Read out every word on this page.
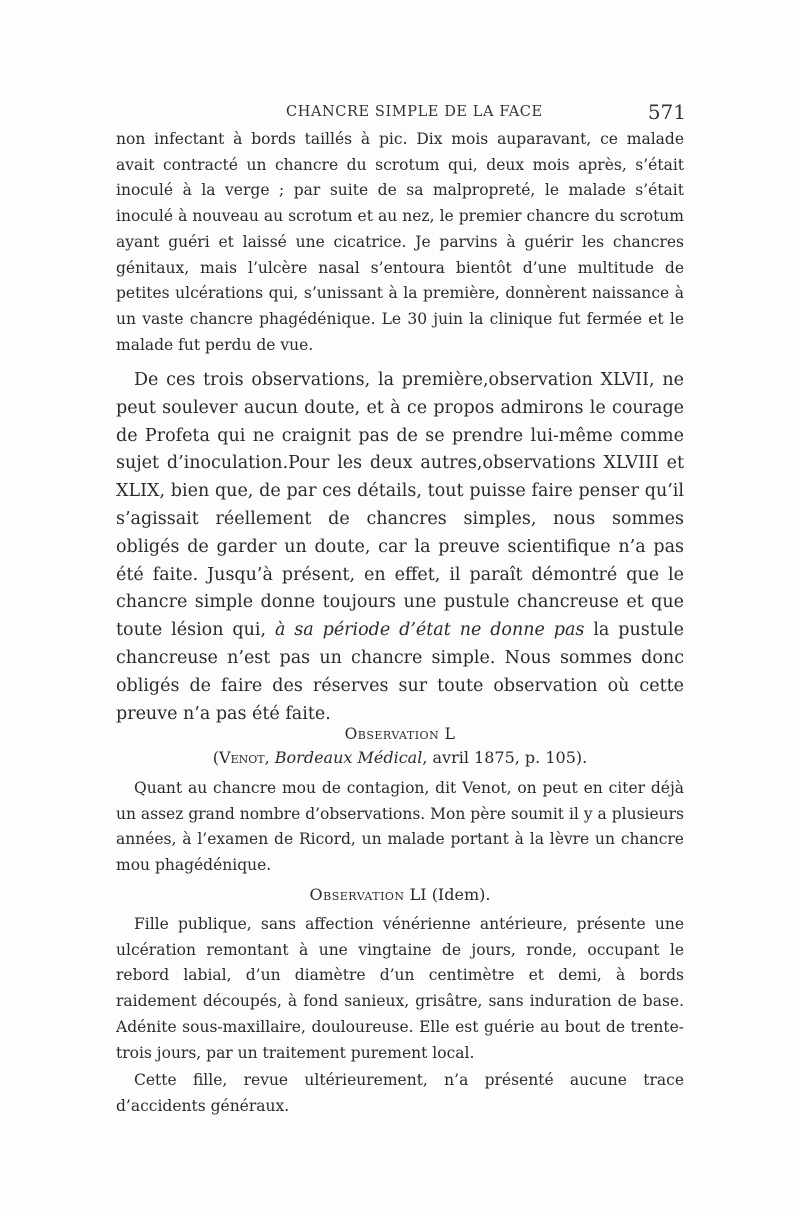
CHANCRE SIMPLE DE LA FACE	571

non infectant à bords taillés à pic. Dix mois auparavant, ce malade avait contracté un chancre du scrotum qui, deux mois après, s’était inoculé à la verge ; par suite de sa malpropreté, le malade s’était inoculé à nouveau au scrotum et au nez, le premier chancre du scrotum ayant guéri et laissé une cicatrice. Je parvins à guérir les chancres génitaux, mais l’ulcère nasal s’entoura bientôt d’une multitude de petites ulcérations qui, s’unissant à la première, donnèrent naissance à un vaste chancre phagédénique. Le 30 juin la clinique fut fermée et le malade fut perdu de vue.

De ces trois observations, la première,observation XLVII, ne peut soulever aucun doute, et à ce propos admirons le courage de Profeta qui ne craignit pas de se prendre lui-même comme sujet d’inoculation.Pour les deux autres,observations XLVIII et XLIX, bien que, de par ces détails, tout puisse faire penser qu’il s’agissait réellement de chancres simples, nous sommes obligés de garder un doute, car la preuve scientifique n’a pas été faite. Jusqu’à présent, en effet, il paraît démontré que le chancre simple donne toujours une pustule chancreuse et que toute lésion qui, à sa période d’état ne donne pas la pustule chancreuse n’est pas un chancre simple. Nous sommes donc obligés de faire des réserves sur toute observation où cette preuve n’a pas été faite.

Observation L
(Venot, Bordeaux Médical, avril 1875, p. 105).

Quant au chancre mou de contagion, dit Venot, on peut en citer déjà un assez grand nombre d’observations. Mon père soumit il y a plusieurs années, à l’examen de Ricord, un malade portant à la lèvre un chancre mou phagédénique.

Observation LI (Idem).

Fille publique, sans affection vénérienne antérieure, présente une ulcération remontant à une vingtaine de jours, ronde, occupant le rebord labial, d’un diamètre d’un centimètre et demi, à bords raidement découpés, à fond sanieux, grisâtre, sans induration de base. Adénite sous-maxillaire, douloureuse. Elle est guérie au bout de trente-trois jours, par un traitement purement local.

Cette fille, revue ultérieurement, n’a présenté aucune trace d’accidents généraux.
